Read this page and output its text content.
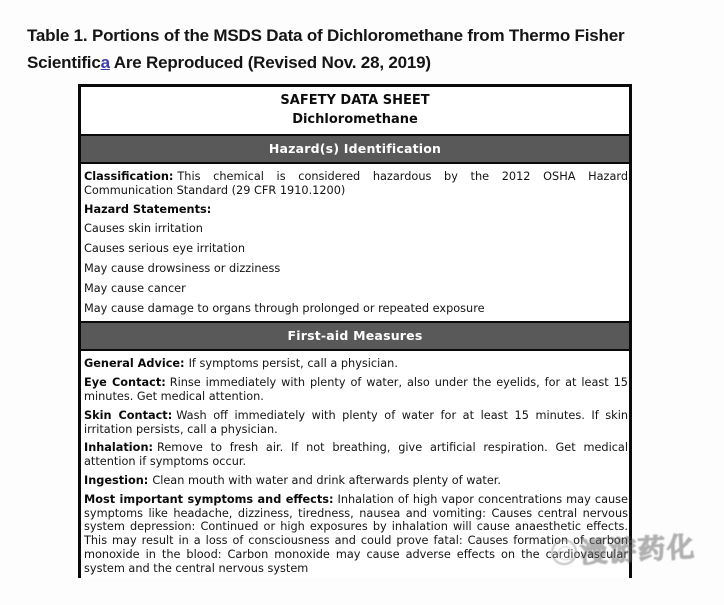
Table 1. Portions of the MSDS Data of Dichloromethane from Thermo Fisher Scientifica Are Reproduced (Revised Nov. 28, 2019)
SAFETY DATA SHEET
Dichloromethane
Hazard(s) Identification

Classification: This chemical is considered hazardous by the 2012 OSHA Hazard Communication Standard (29 CFR 1910.1200)

Hazard Statements:

Causes skin irritation

Causes serious eye irritation

May cause drowsiness or dizziness

May cause cancer

May cause damage to organs through prolonged or repeated exposure

First-aid Measures

General Advice: If symptoms persist, call a physician.

Eye Contact: Rinse immediately with plenty of water, also under the eyelids, for at least 15 minutes. Get medical attention.

Skin Contact: Wash off immediately with plenty of water for at least 15 minutes. If skin irritation persists, call a physician.

Inhalation: Remove to fresh air. If not breathing, give artificial respiration. Get medical attention if symptoms occur.

Ingestion: Clean mouth with water and drink afterwards plenty of water.

Most important symptoms and effects: Inhalation of high vapor concentrations may cause symptoms like headache, dizziness, tiredness, nausea and vomiting: Causes central nervous system depression: Continued or high exposures by inhalation will cause anaesthetic effects. This may result in a loss of consciousness and could prove fatal: Causes formation of carbon monoxide in the blood: Carbon monoxide may cause adverse effects on the cardiovascular system and the central nervous system	漫游药化
